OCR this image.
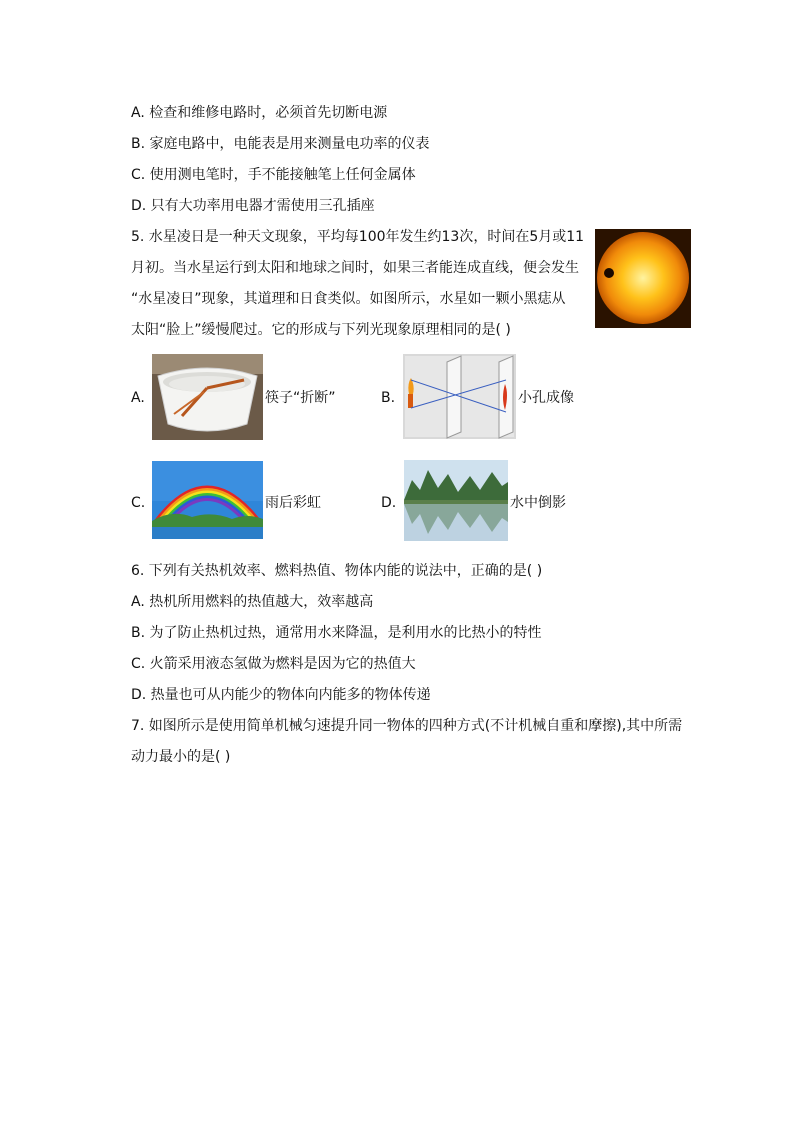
A. 检查和维修电路时，必须首先切断电源
B. 家庭电路中，电能表是用来测量电功率的仪表
C. 使用测电笔时，手不能接触笔上任何金属体
D. 只有大功率用电器才需使用三孔插座
5. 水星凌日是一种天文现象，平均每100年发生约13次，时间在5月或11
月初。当水星运行到太阳和地球之间时，如果三者能连成直线，便会发生
“水星凌日”现象，其道理和日食类似。如图所示，水星如一颗小黑痣从
太阳“脸上”缓慢爬过。它的形成与下列光现象原理相同的是( )
A.	筷子“折断”	B.	小孔成像
C.	雨后彩虹	D.	水中倒影
6. 下列有关热机效率、燃料热值、物体内能的说法中，正确的是( )
A. 热机所用燃料的热值越大，效率越高
B. 为了防止热机过热，通常用水来降温，是利用水的比热小的特性
C. 火箭采用液态氢做为燃料是因为它的热值大
D. 热量也可从内能少的物体向内能多的物体传递
7. 如图所示是使用简单机械匀速提升同一物体的四种方式(不计机械自重和摩擦),其中所需
动力最小的是( )
